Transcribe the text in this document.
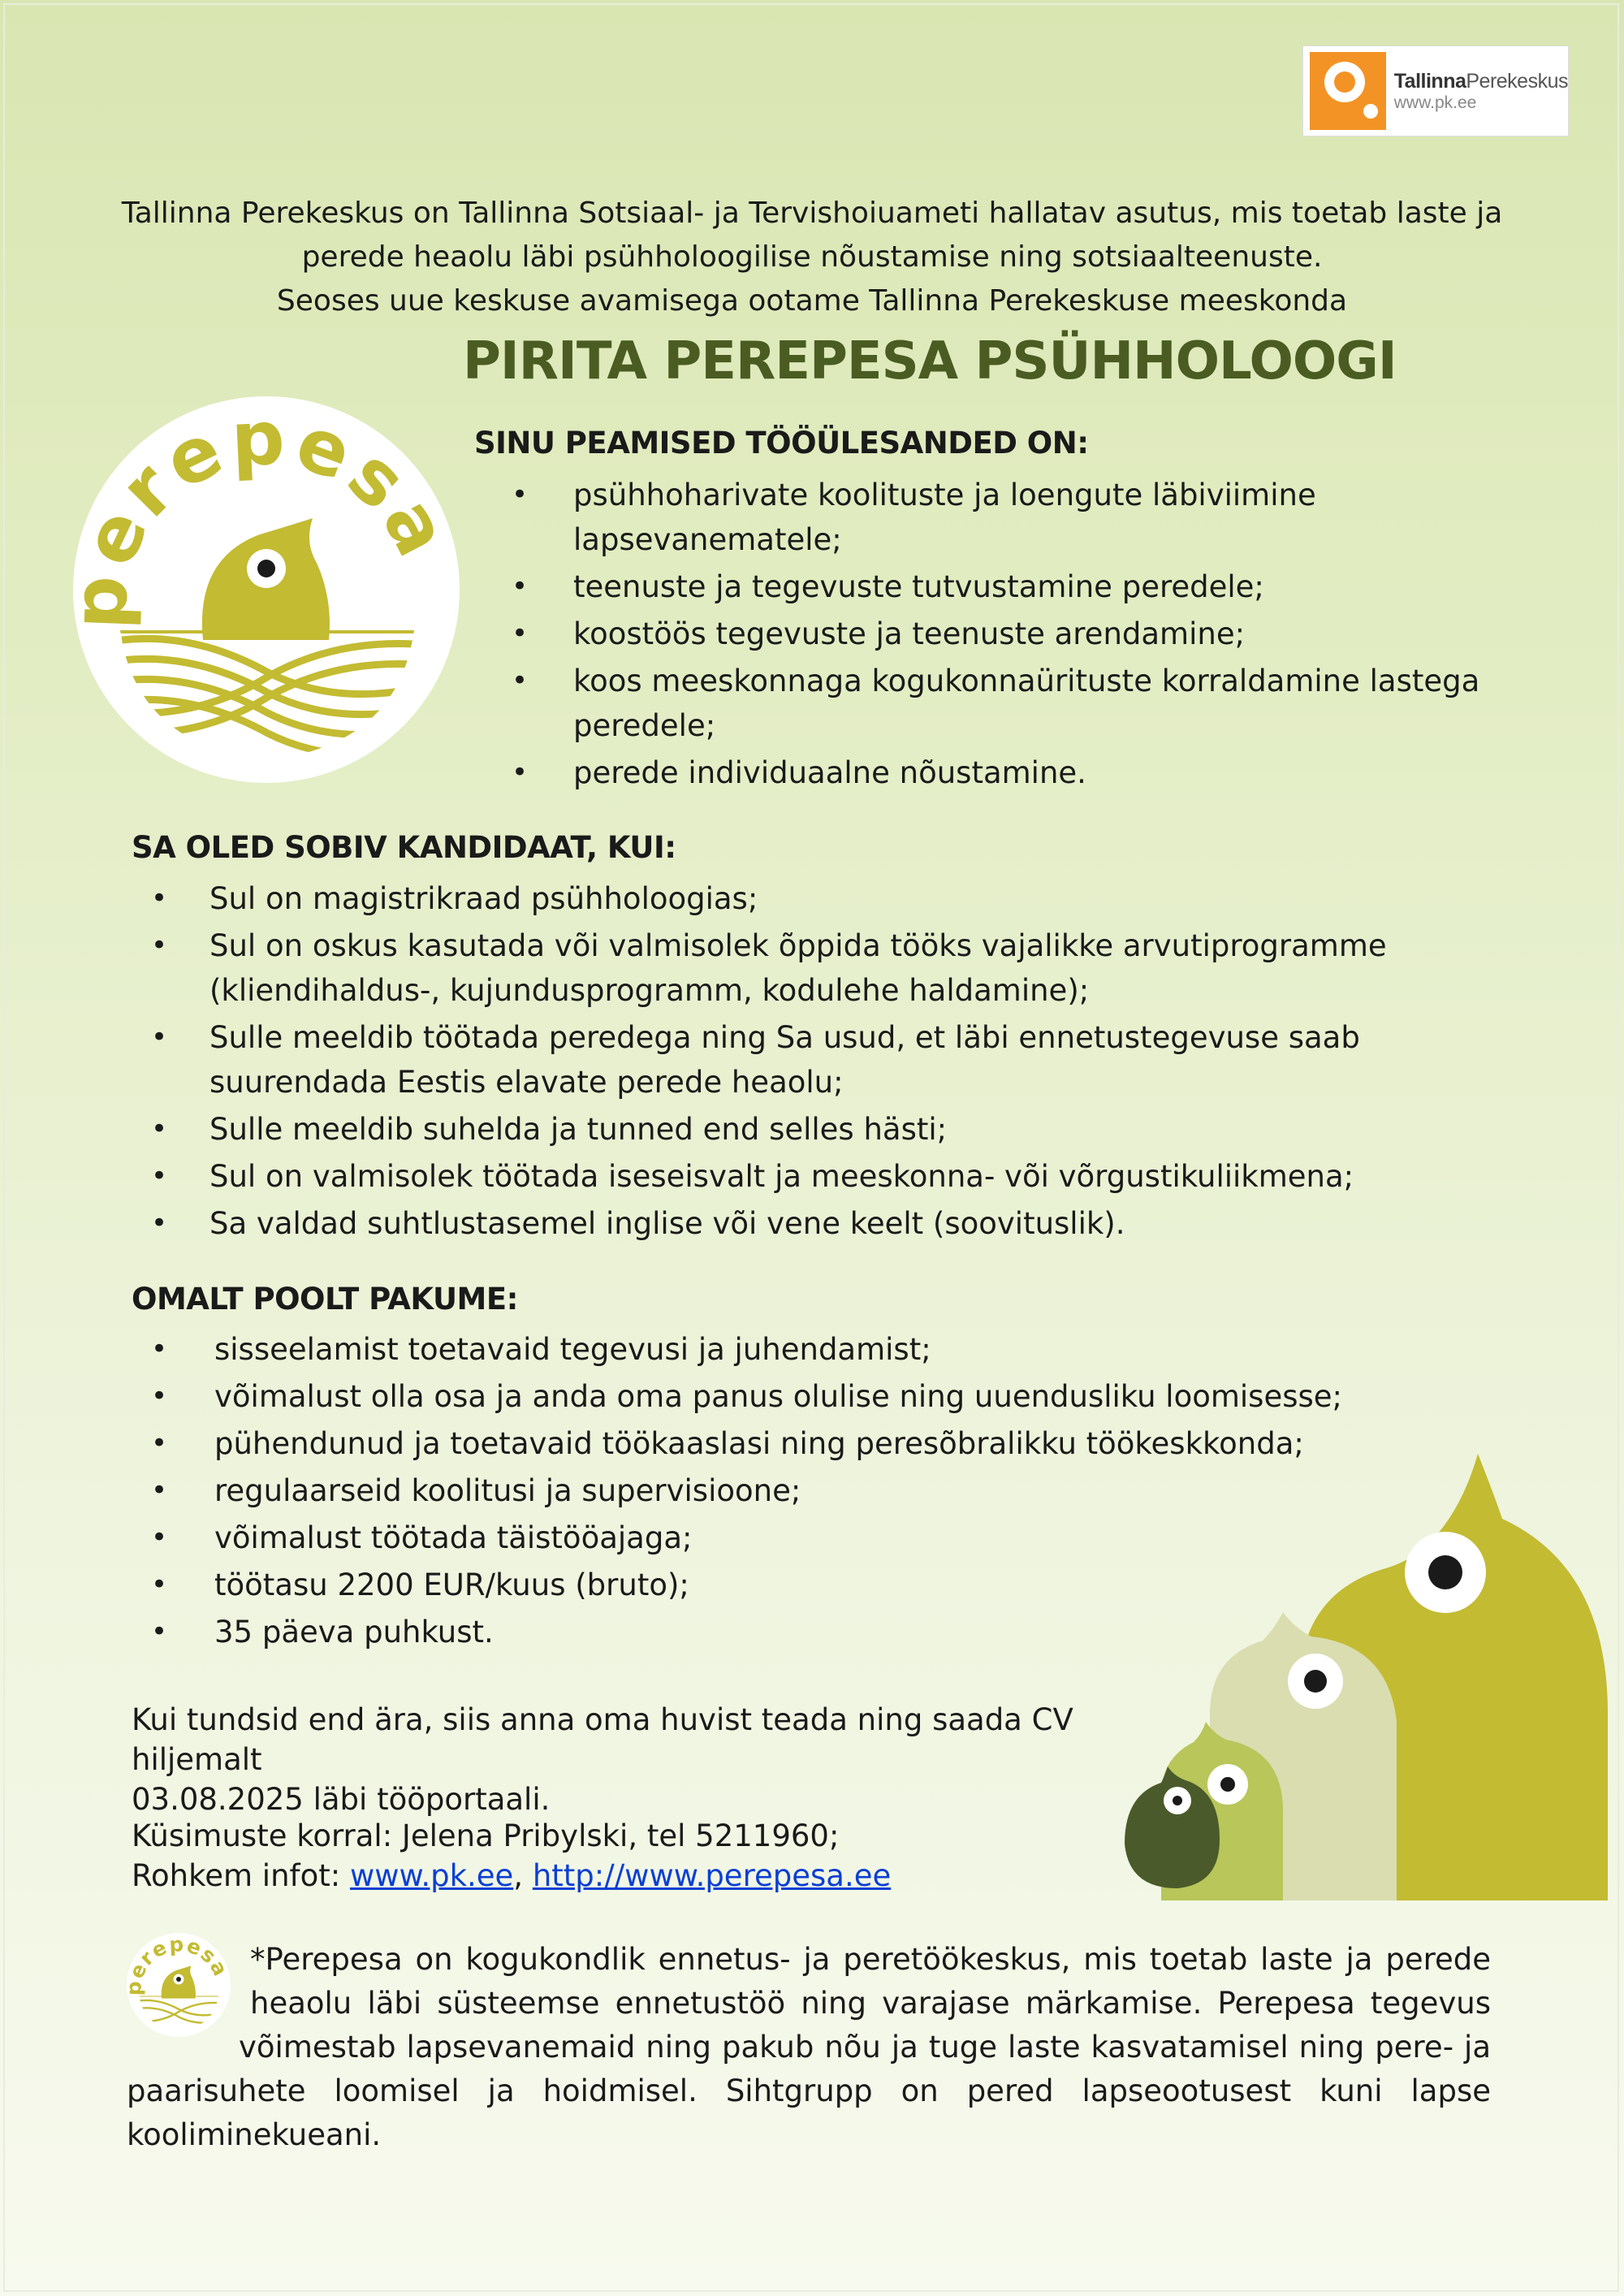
TallinnaPerekeskus
www.pk.ee
Tallinna Perekeskus on Tallinna Sotsiaal- ja Tervishoiuameti hallatav asutus, mis toetab laste ja
perede heaolu läbi psühholoogilise nõustamise ning sotsiaalteenuste.
Seoses uue keskuse avamisega ootame Tallinna Perekeskuse meeskonda
PIRITA PEREPESA PSÜHHOLOOGI
erepesa
SINU PEAMISED TÖÖÜLESANDED ON:
• psühhoharivate koolituste ja loengute läbiviimine lapsevanematele;
• teenuste ja tegevuste tutvustamine peredele;
• koostöös tegevuste ja teenuste arendamine;
• koos meeskonnaga kogukonnaürituste korraldamine lastega peredele;
• perede individuaalne nõustamine.
SA OLED SOBIV KANDIDAAT, KUI:
• Sul on magistrikraad psühholoogias;
• Sul on oskus kasutada või valmisolek õppida tööks vajalikke arvutiprogramme (kliendihaldus-, kujundusprogramm, kodulehe haldamine);
• Sulle meeldib töötada peredega ning Sa usud, et läbi ennetustegevuse saab suurendada Eestis elavate perede heaolu;
• Sulle meeldib suhelda ja tunned end selles hästi;
• Sul on valmisolek töötada iseseisvalt ja meeskonna- või võrgustikuliikmena;
• Sa valdad suhtlustasemel inglise või vene keelt (soovituslik).
OMALT POOLT PAKUME:
• sisseelamist toetavaid tegevusi ja juhendamist;
• võimalust olla osa ja anda oma panus olulise ning uuendusliku loomisesse;
• pühendunud ja toetavaid töökaaslasi ning peresõbralikku töökeskkonda;
• regulaarseid koolitusi ja supervisioone;
• võimalust töötada täistööajaga;
• töötasu 2200 EUR/kuus (bruto);
• 35 päeva puhkust.
Kui tundsid end ära, siis anna oma huvist teada ning saada CV hiljemalt
03.08.2025 läbi tööportaali.
Küsimuste korral: Jelena Pribylski, tel 5211960;
Rohkem infot: www.pk.ee, http://www.perepesa.ee
erepesa *Perepesa on kogukondlik ennetus- ja peretöökeskus, mis toetab laste ja perede
heaolu läbi süsteemse ennetustöö ning varajase märkamise. Perepesa tegevus
võimestab lapsevanemaid ning pakub nõu ja tuge laste kasvatamisel ning pere- ja
paarisuhete loomisel ja hoidmisel. Sihtgrupp on pered lapseootusest kuni lapse
kooliminekueani.
